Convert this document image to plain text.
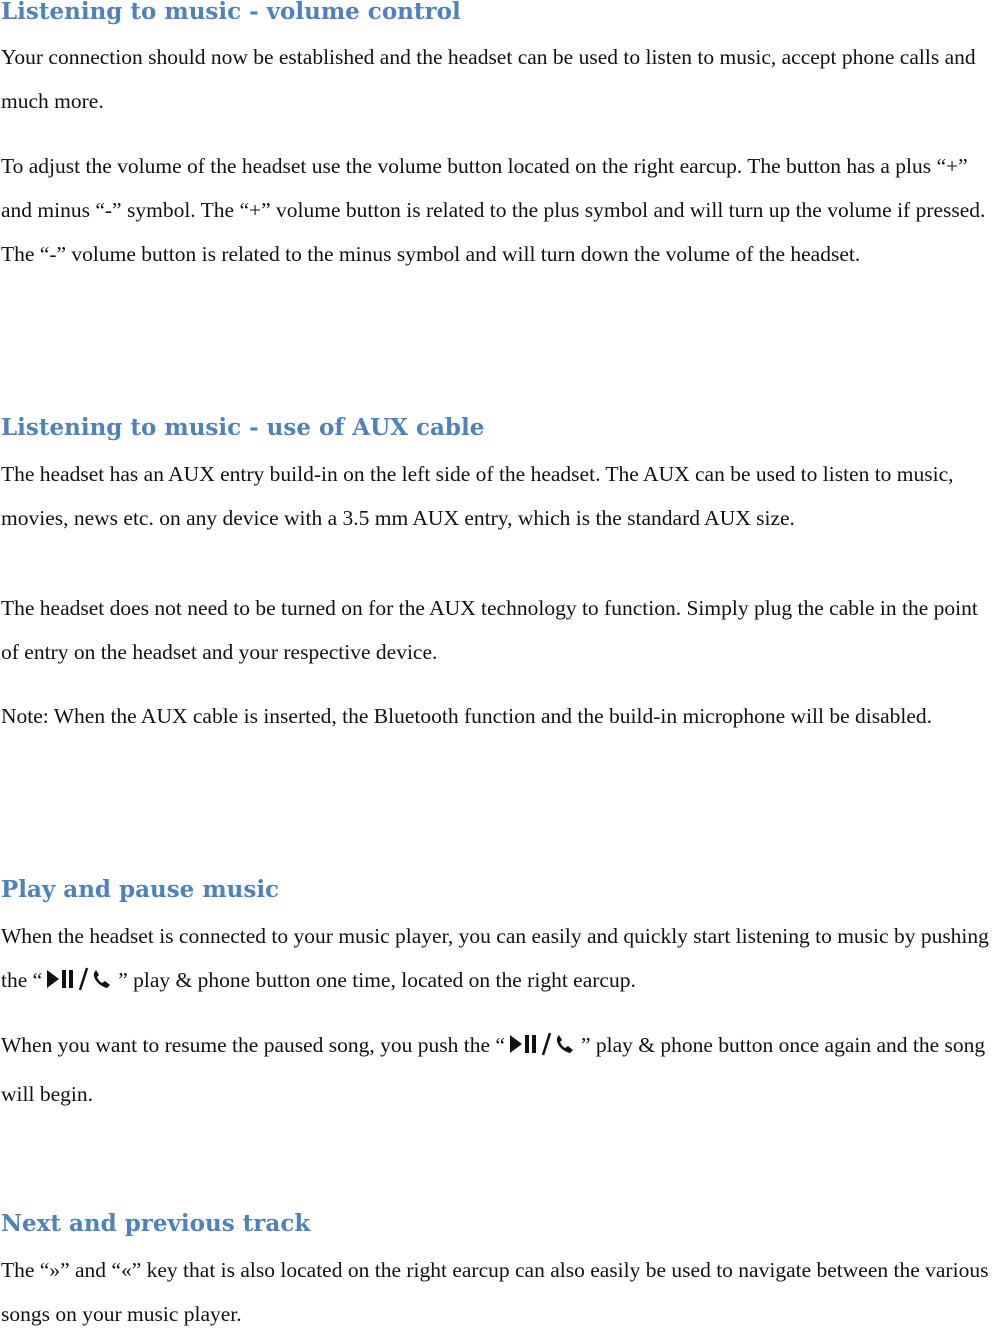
Listening to music - volume control

Your connection should now be established and the headset can be used to listen to music, accept phone calls and much more.

To adjust the volume of the headset use the volume button located on the right earcup. The button has a plus “+” and minus “-” symbol. The “+” volume button is related to the plus symbol and will turn up the volume if pressed. The “-” volume button is related to the minus symbol and will turn down the volume of the headset.

Listening to music - use of AUX cable

The headset has an AUX entry build-in on the left side of the headset. The AUX can be used to listen to music, movies, news etc. on any device with a 3.5 mm AUX entry, which is the standard AUX size.

The headset does not need to be turned on for the AUX technology to function. Simply plug the cable in the point of entry on the headset and your respective device.

Note: When the AUX cable is inserted, the Bluetooth function and the build-in microphone will be disabled.

Play and pause music

When the headset is connected to your music player, you can easily and quickly start listening to music by pushing the “	” play & phone button one time, located on the right earcup.

When you want to resume the paused song, you push the “	” play & phone button once again and the song will begin.

Next and previous track

The “»” and “«” key that is also located on the right earcup can also easily be used to navigate between the various songs on your music player.
